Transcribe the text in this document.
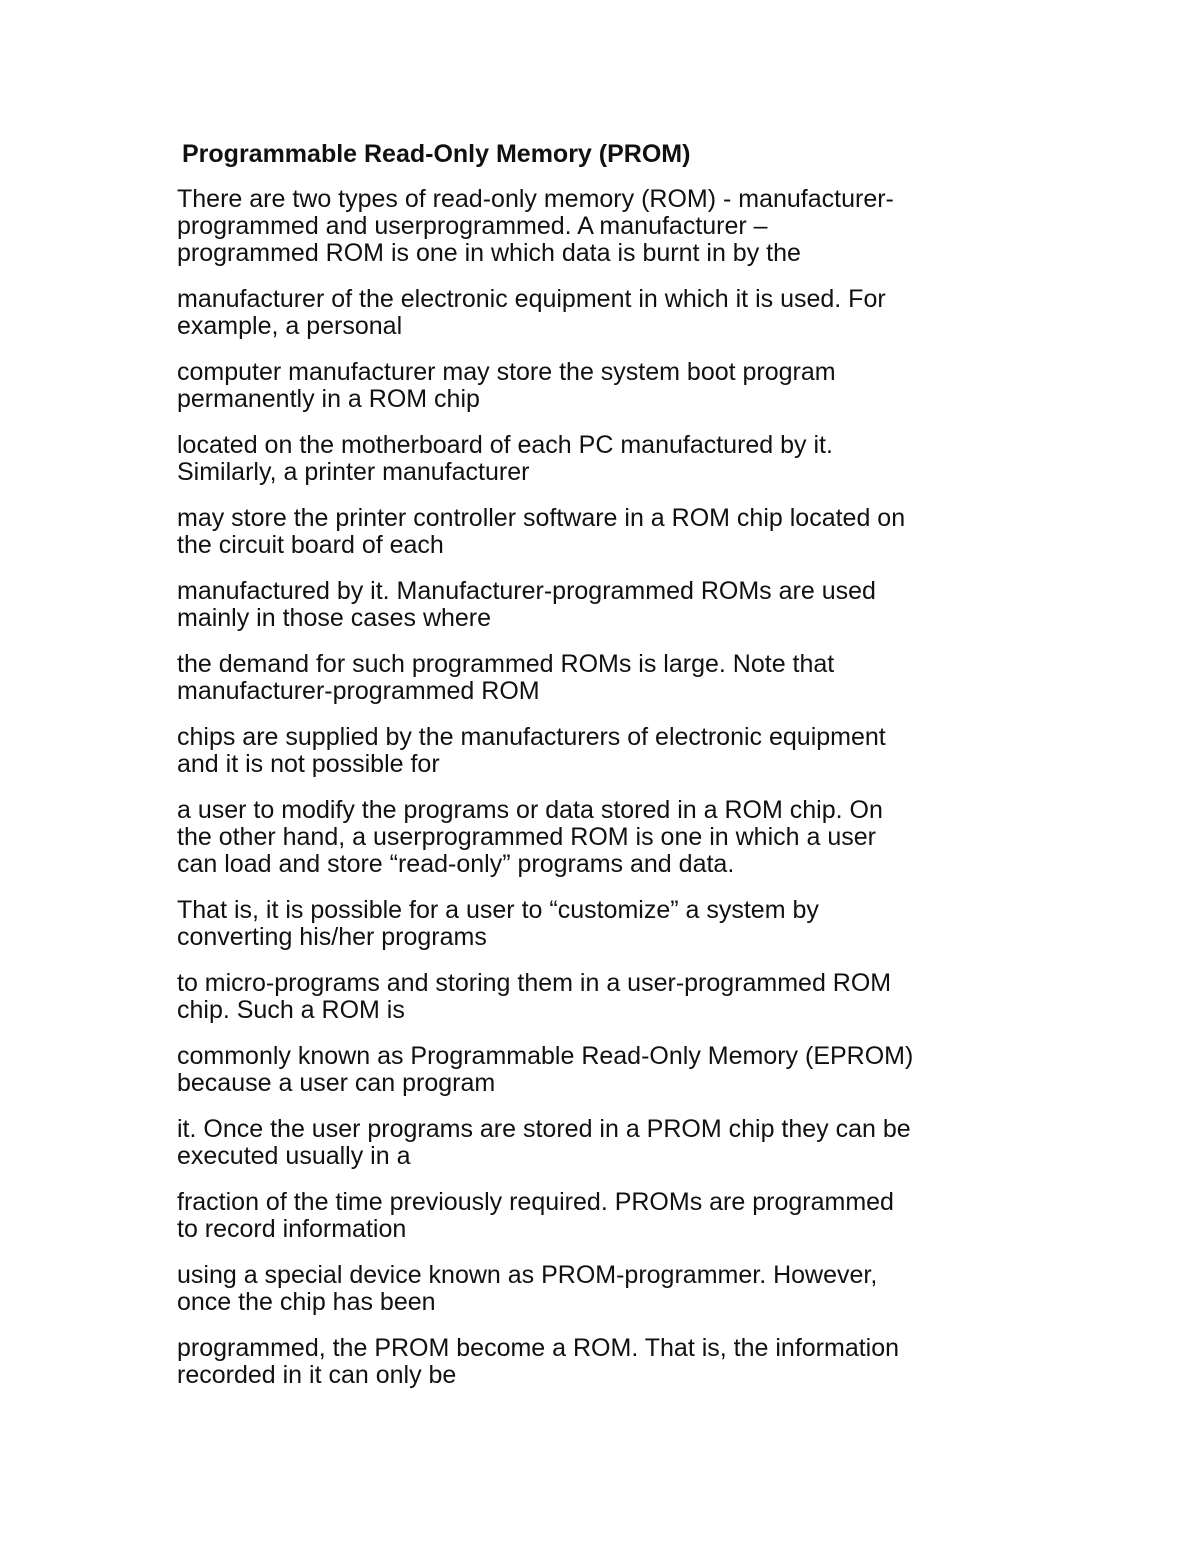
Programmable Read-Only Memory (PROM)
There are two types of read-only memory (ROM) - manufacturer-
programmed and userprogrammed. A manufacturer –
programmed ROM is one in which data is burnt in by the
manufacturer of the electronic equipment in which it is used. For
example, a personal
computer manufacturer may store the system boot program
permanently in a ROM chip
located on the motherboard of each PC manufactured by it.
Similarly, a printer manufacturer
may store the printer controller software in a ROM chip located on
the circuit board of each
manufactured by it. Manufacturer-programmed ROMs are used
mainly in those cases where
the demand for such programmed ROMs is large. Note that
manufacturer-programmed ROM
chips are supplied by the manufacturers of electronic equipment
and it is not possible for
a user to modify the programs or data stored in a ROM chip. On
the other hand, a userprogrammed ROM is one in which a user
can load and store “read-only” programs and data.
That is, it is possible for a user to “customize” a system by
converting his/her programs
to micro-programs and storing them in a user-programmed ROM
chip. Such a ROM is
commonly known as Programmable Read-Only Memory (EPROM)
because a user can program
it. Once the user programs are stored in a PROM chip they can be
executed usually in a
fraction of the time previously required. PROMs are programmed
to record information
using a special device known as PROM-programmer. However,
once the chip has been
programmed, the PROM become a ROM. That is, the information
recorded in it can only be
